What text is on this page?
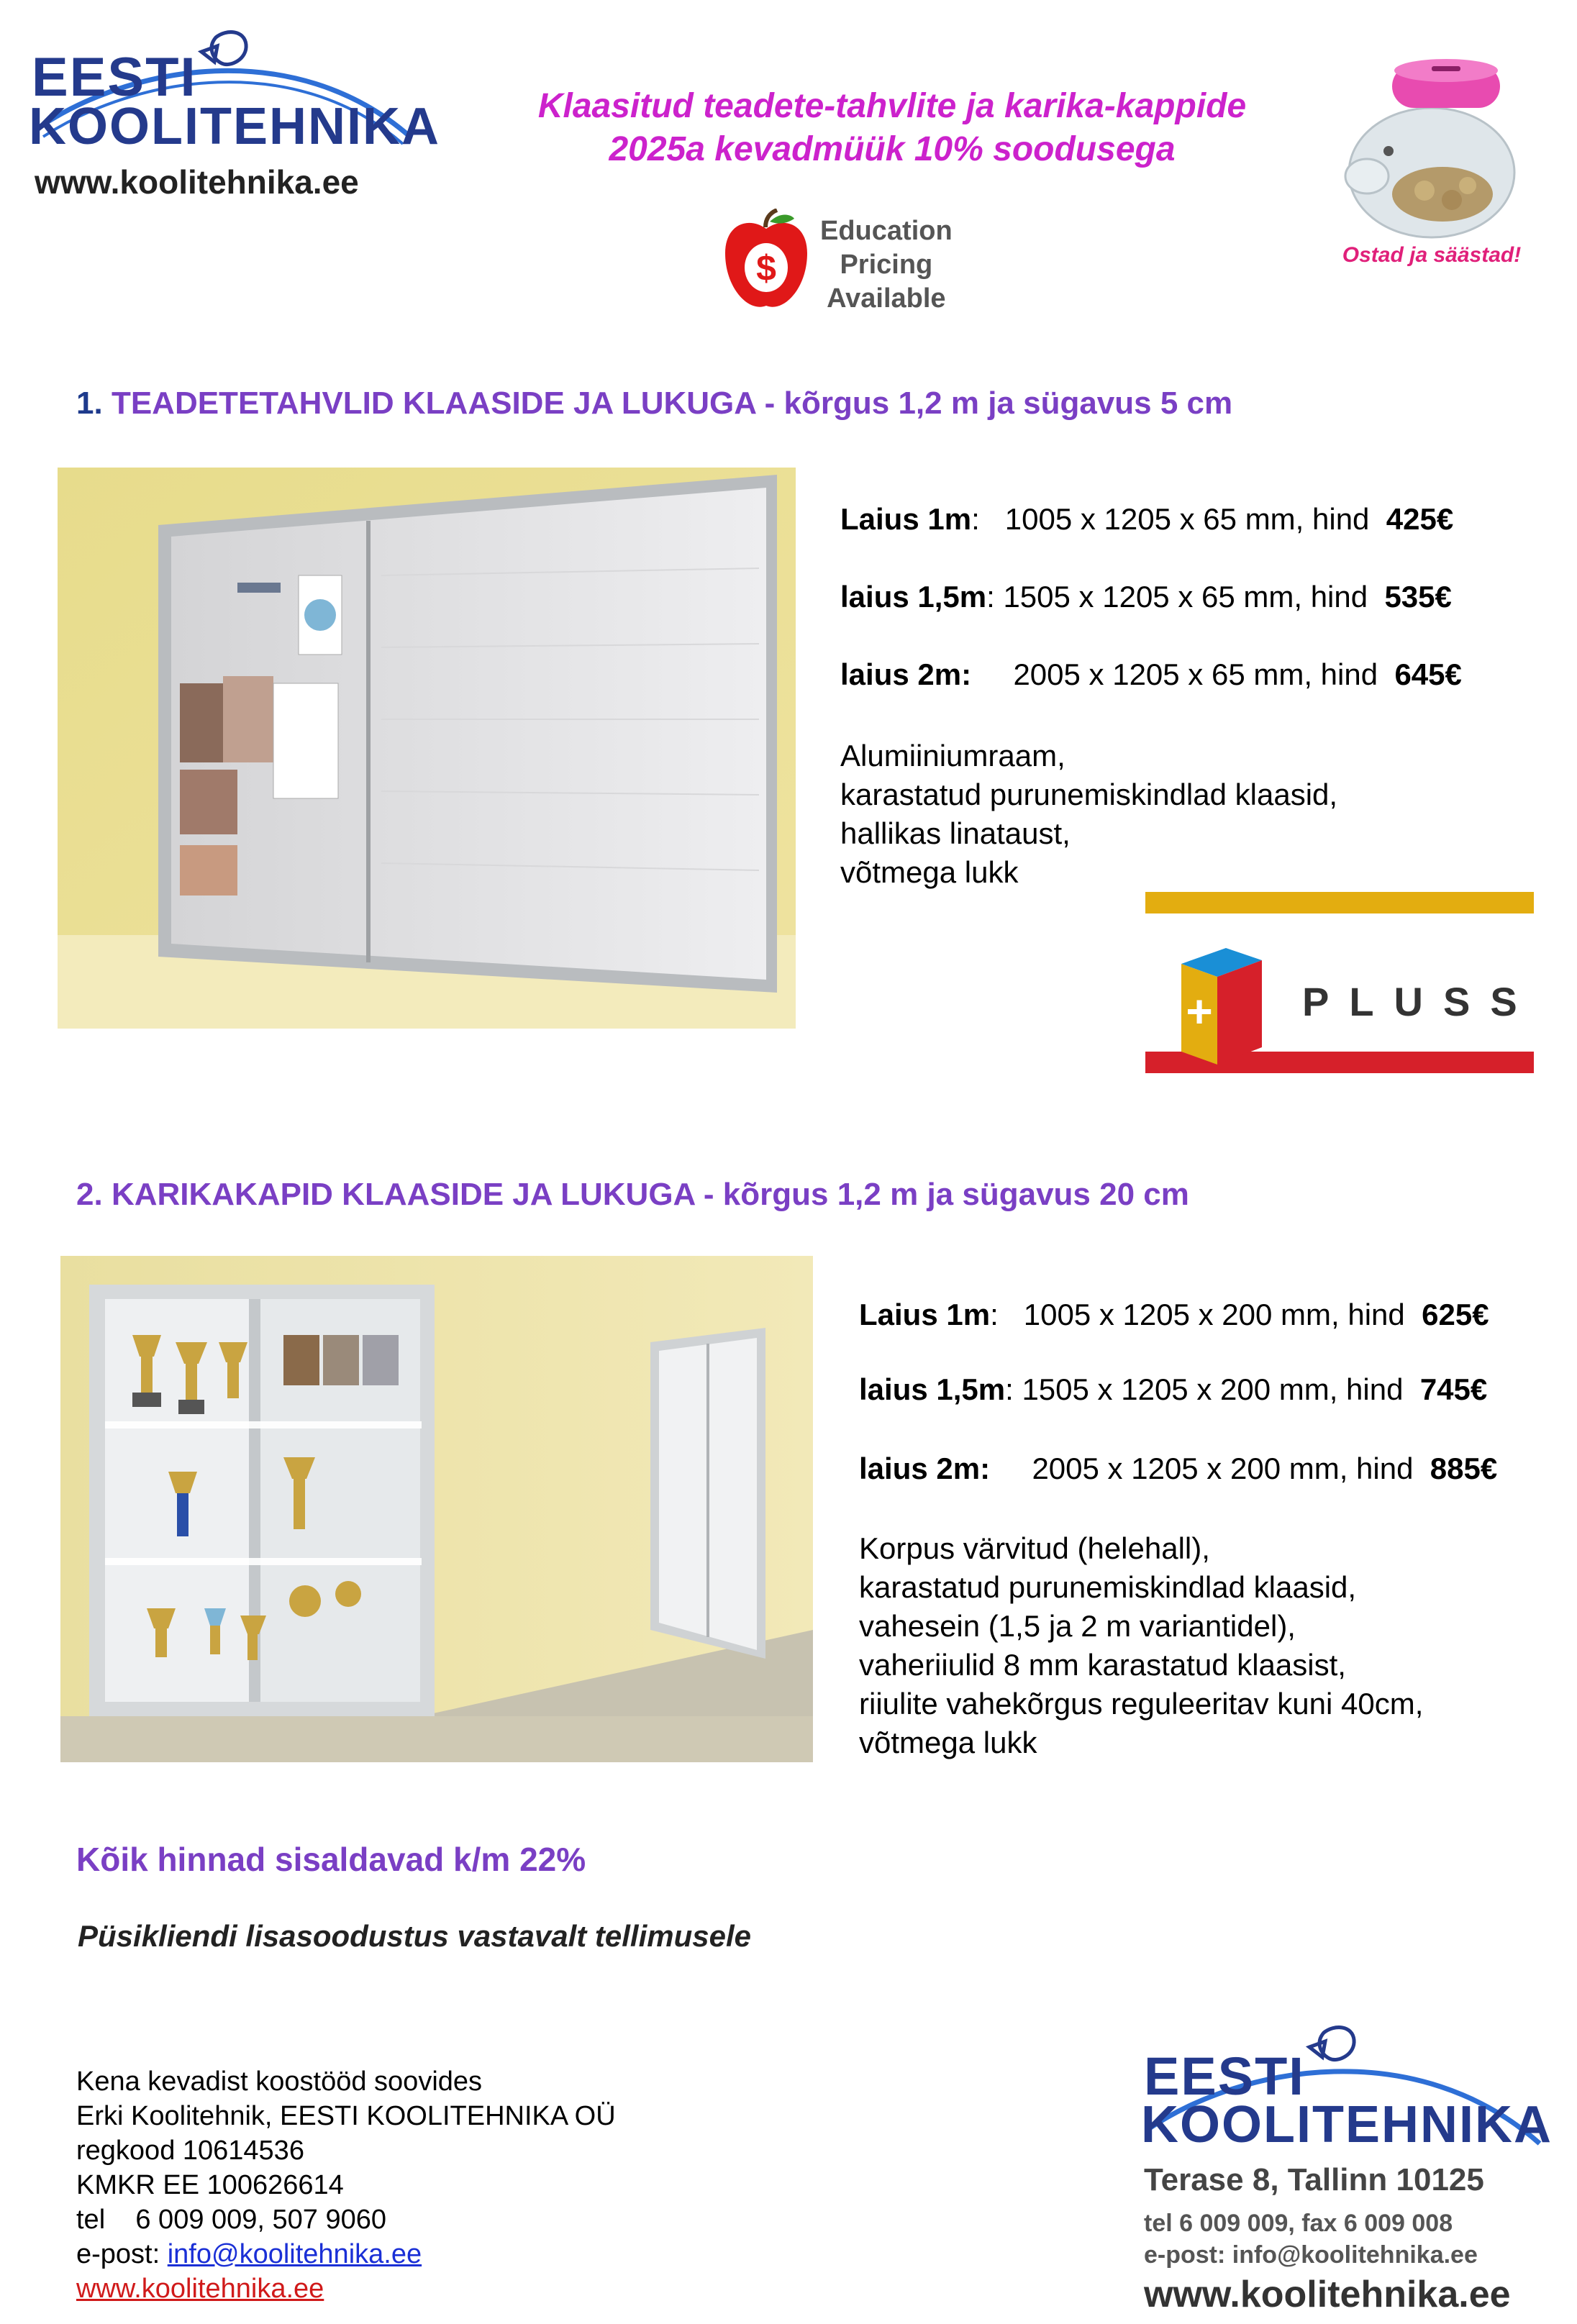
EESTI
KOOLITEHNIKA
www.koolitehnika.ee
Klaasitud teadete-tahvlite ja karika-kappide
2025a kevadmüük 10% soodusega
$
Education
Pricing
Available
Ostad ja säästad!
1. TEADETETAHVLID KLAASIDE JA LUKUGA - kõrgus 1,2 m ja sügavus 5 cm
Laius 1m: 1005 x 1205 x 65 mm, hind 425€
laius 1,5m: 1505 x 1205 x 65 mm, hind 535€
laius 2m: 2005 x 1205 x 65 mm, hind 645€
Alumiiniumraam,
karastatud purunemiskindlad klaasid,
hallikas linataust,
võtmega lukk
+ PLUSS
2. KARIKAKAPID KLAASIDE JA LUKUGA - kõrgus 1,2 m ja sügavus 20 cm
Laius 1m: 1005 x 1205 x 200 mm, hind 625€
laius 1,5m: 1505 x 1205 x 200 mm, hind 745€
laius 2m: 2005 x 1205 x 200 mm, hind 885€
Korpus värvitud (helehall),
karastatud purunemiskindlad klaasid,
vahesein (1,5 ja 2 m variantidel),
vaheriiulid 8 mm karastatud klaasist,
riiulite vahekõrgus reguleeritav kuni 40cm,
võtmega lukk
Kõik hinnad sisaldavad k/m 22%
Püsikliendi lisasoodustus vastavalt tellimusele
Kena kevadist koostööd soovides
Erki Koolitehnik, EESTI KOOLITEHNIKA OÜ
regkood 10614536
KMKR EE 100626614
tel    6 009 009, 507 9060
e-post: info@koolitehnika.ee
www.koolitehnika.ee
EESTI
KOOLITEHNIKA
Terase 8, Tallinn 10125
tel 6 009 009, fax 6 009 008
e-post: info@koolitehnika.ee
www.koolitehnika.ee
